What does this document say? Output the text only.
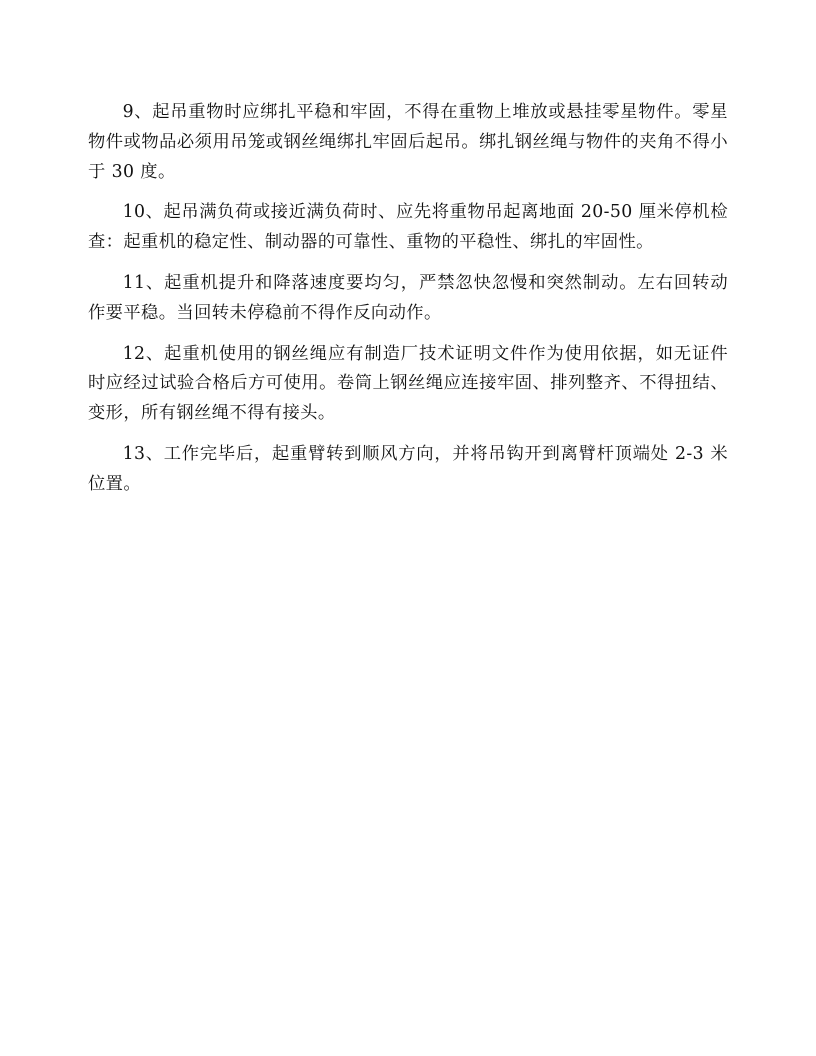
9、起吊重物时应绑扎平稳和牢固，不得在重物上堆放或悬挂零星物件。零星物件或物品必须用吊笼或钢丝绳绑扎牢固后起吊。绑扎钢丝绳与物件的夹角不得小于 30 度。

10、起吊满负荷或接近满负荷时、应先将重物吊起离地面 20-50 厘米停机检查：起重机的稳定性、制动器的可靠性、重物的平稳性、绑扎的牢固性。

11、起重机提升和降落速度要均匀，严禁忽快忽慢和突然制动。左右回转动作要平稳。当回转未停稳前不得作反向动作。

12、起重机使用的钢丝绳应有制造厂技术证明文件作为使用依据，如无证件时应经过试验合格后方可使用。卷筒上钢丝绳应连接牢固、排列整齐、不得扭结、变形，所有钢丝绳不得有接头。

13、工作完毕后，起重臂转到顺风方向，并将吊钩开到离臂杆顶端处 2-3 米位置。
